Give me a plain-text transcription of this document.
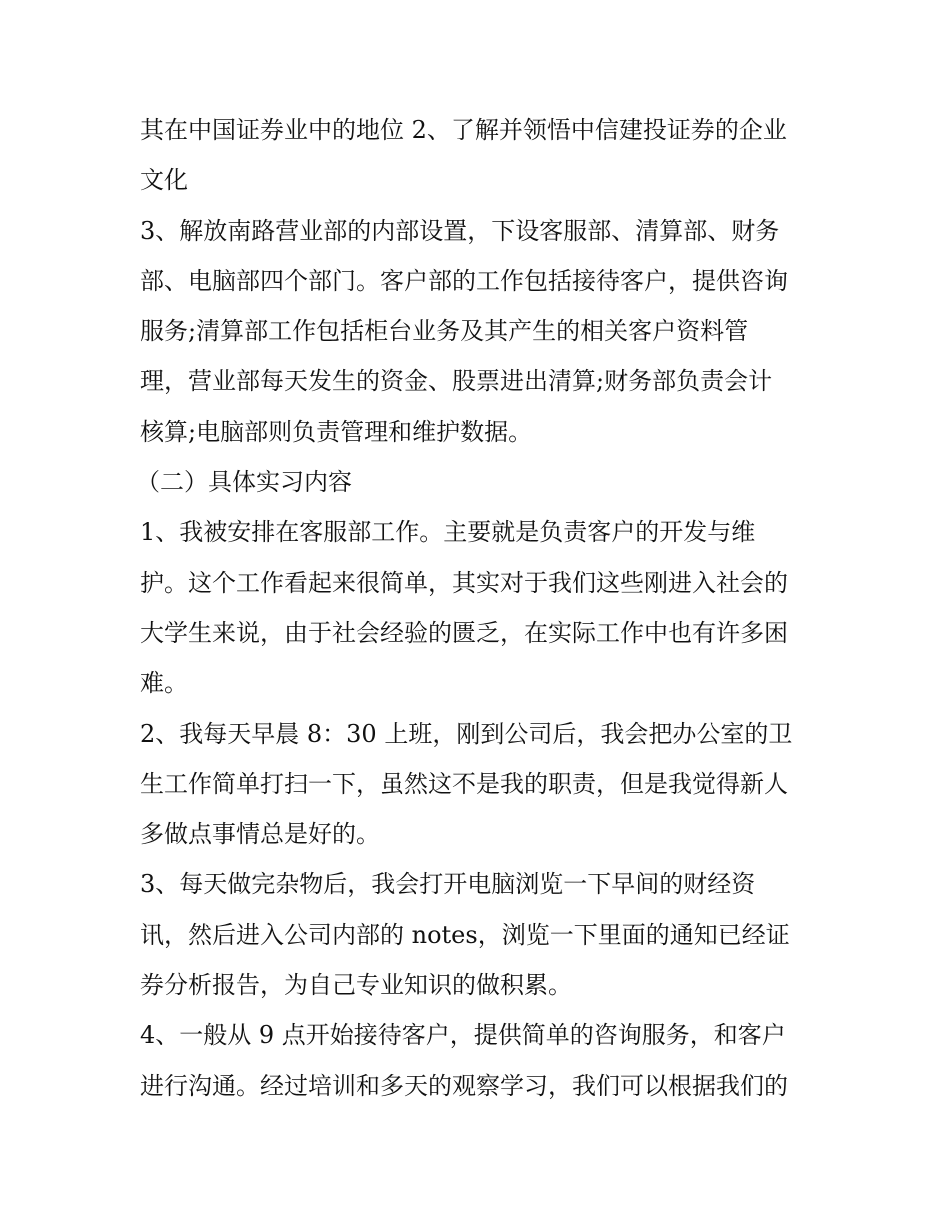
其在中国证券业中的地位 2、了解并领悟中信建投证券的企业
文化
3、解放南路营业部的内部设置，下设客服部、清算部、财务
部、电脑部四个部门。客户部的工作包括接待客户，提供咨询
服务;清算部工作包括柜台业务及其产生的相关客户资料管
理，营业部每天发生的资金、股票进出清算;财务部负责会计
核算;电脑部则负责管理和维护数据。
（二）具体实习内容
1、我被安排在客服部工作。主要就是负责客户的开发与维
护。这个工作看起来很简单，其实对于我们这些刚进入社会的
大学生来说，由于社会经验的匮乏，在实际工作中也有许多困
难。
2、我每天早晨 8：30 上班，刚到公司后，我会把办公室的卫
生工作简单打扫一下，虽然这不是我的职责，但是我觉得新人
多做点事情总是好的。
3、每天做完杂物后，我会打开电脑浏览一下早间的财经资
讯，然后进入公司内部的 notes，浏览一下里面的通知已经证
券分析报告，为自己专业知识的做积累。
4、一般从 9 点开始接待客户，提供简单的咨询服务，和客户
进行沟通。经过培训和多天的观察学习，我们可以根据我们的
